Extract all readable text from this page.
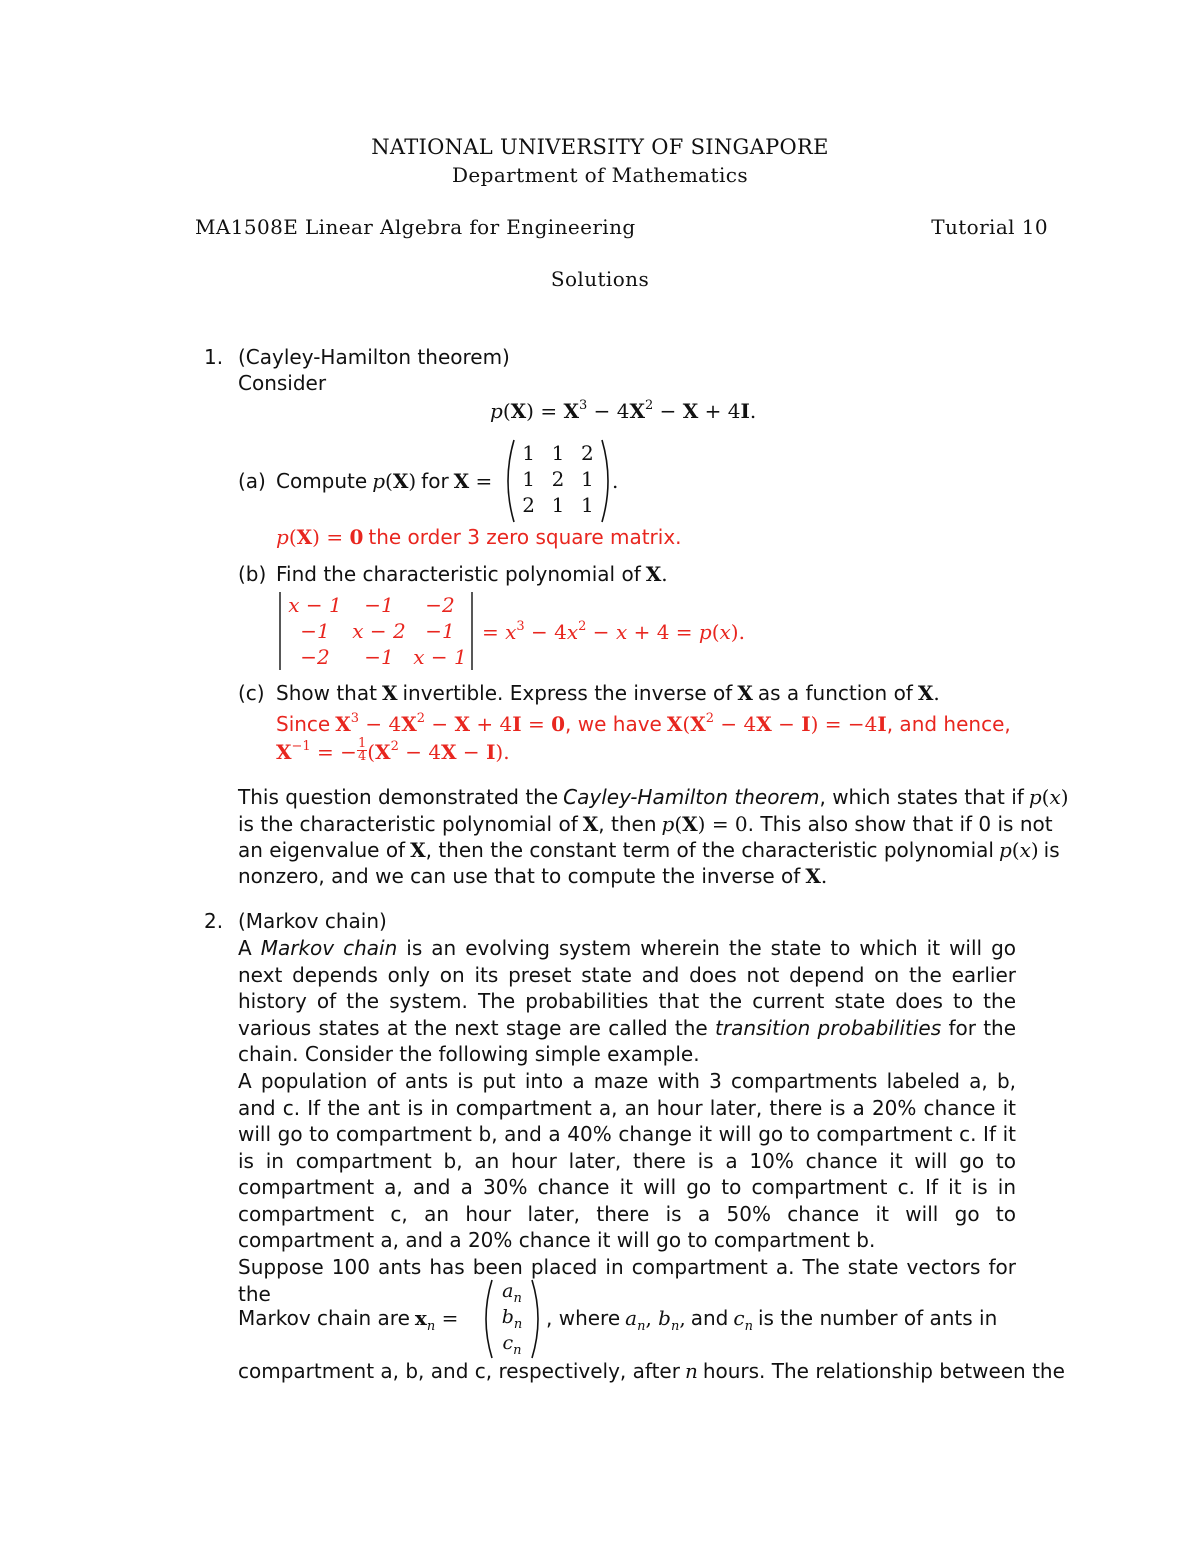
NATIONAL UNIVERSITY OF SINGAPORE
Department of Mathematics
MA1508E Linear Algebra for Engineering	Tutorial 10
Solutions
1. (Cayley-Hamilton theorem)
Consider
$p(X) = X^3 - 4X^2 - X + 4I$.
(a) Compute p(X) for X =
1	1	2
1	2	1
2	1	1
.
p(X) = 0 the order 3 zero square matrix.
(b) Find the characteristic polynomial of X.
x − 1	−1	−2
−1	x − 2	−1
−2	−1	x − 1
= $x^3 - 4x^2 - x + 4 = p(x)$.
(c) Show that X invertible. Express the inverse of X as a function of X.
Since $X^3 - 4X^2 - X + 4I = 0$, we have $X(X^2 - 4X - I) = -4I$, and hence,
$X^{-1}$ = − $\frac{1}{4} (X^2 - 4X - I)$.
This question demonstrated the Cayley-Hamilton theorem, which states that if p(x)
is the characteristic polynomial of X, then p(X) = 0. This also show that if 0 is not
an eigenvalue of X, then the constant term of the characteristic polynomial p(x) is
nonzero, and we can use that to compute the inverse of X.
2. (Markov chain)
A Markov chain is an evolving system wherein the state to which it will go next depends only on its preset state and does not depend on the earlier history of the system. The probabilities that the current state does to the various states at the next stage are called the transition probabilities for the chain. Consider the following simple example.
A population of ants is put into a maze with 3 compartments labeled a, b, and c. If the ant is in compartment a, an hour later, there is a 20% chance it will go to compartment b, and a 40% change it will go to compartment c. If it is in compartment b, an hour later, there is a 10% chance it will go to compartment a, and a 30% chance it will go to compartment c. If it is in compartment c, an hour later, there is a 50% chance it will go to compartment a, and a 20% chance it will go to compartment b.
Suppose 100 ants has been placed in compartment a. The state vectors for the
Markov chain are $x_n$ =
$a_n$
$b_n$
$c_n$
, where $a_n$, $b_n$, and $c_n$ is the number of ants in
compartment a, b, and c, respectively, after n hours. The relationship between the
